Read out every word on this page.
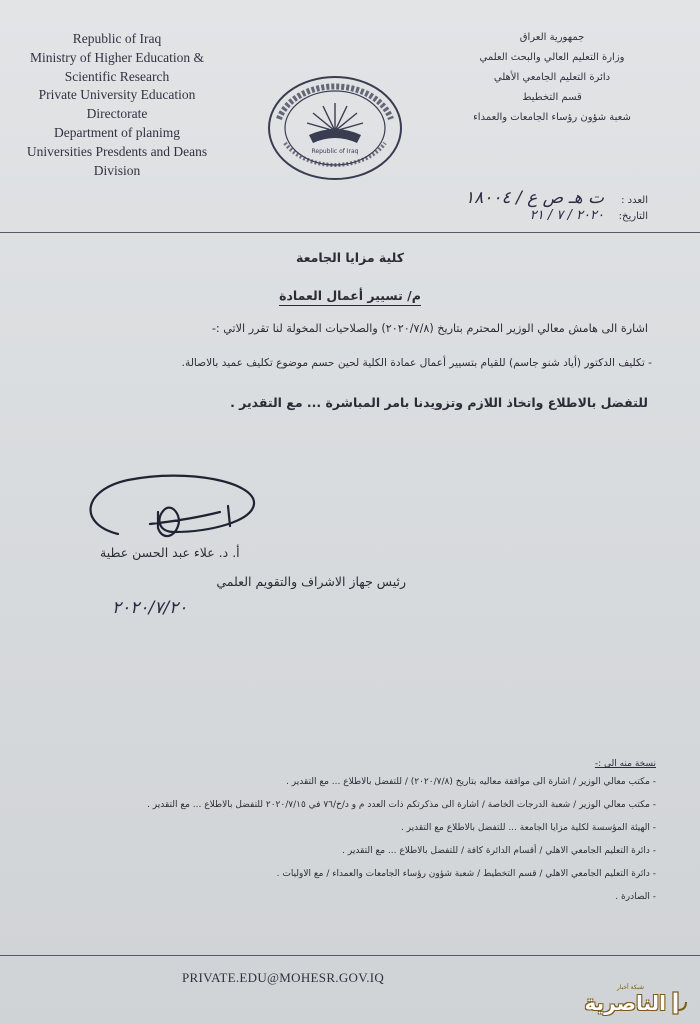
Republic of Iraq
Ministry of Higher Education &
Scientific Research
Private University Education
Directorate
Department of planimg
Universities Presdents and Deans
Division
Republic of Iraq
جمهورية العراق
وزارة التعليم العالي والبحث العلمي
دائرة التعليم الجامعي الأهلي
قسم التخطيط
شعبة شؤون رؤساء الجامعات والعمداء
العدد :
ت هـ ص ع / ١٨٠٠٤
التاريخ:
٢٠٢٠ / ٧ / ٢١
كلية مزايا الجامعة
م/ تسيير أعمال العمادة
اشارة الى هامش معالي الوزير المحترم بتاريخ (٢٠٢٠/٧/٨) والصلاحيات المخولة لنا تقرر الاتي :-
- تكليف الدكتور (أياد شنو جاسم) للقيام بتسيير أعمال عمادة الكلية لحين حسم موضوع تكليف عميد بالاصالة.
للتفضل بالاطلاع واتخاذ اللازم وتزويدنا بامر المباشرة ... مع التقدير .
أ. د. علاء عبد الحسن عطية
رئيس جهاز الاشراف والتقويم العلمي
٢٠٢٠/٧/٢٠
نسخة منه الى :-
- مكتب معالي الوزير / اشارة الى موافقة معاليه بتاريخ (٢٠٢٠/٧/٨) / للتفضل بالاطلاع ... مع التقدير .
- مكتب معالي الوزير / شعبة الدرجات الخاصة / اشارة الى مذكرتكم ذات العدد م و د/خ/٧٦ في ٢٠٢٠/٧/١٥ للتفضل بالاطلاع ... مع التقدير .
- الهيئة المؤسسة لكلية مزايا الجامعة ... للتفضل بالاطلاع مع التقدير .
- دائرة التعليم الجامعي الاهلي / أقسام الدائرة كافة / للتفضل بالاطلاع ... مع التقدير .
- دائرة التعليم الجامعي الاهلي / قسم التخطيط / شعبة شؤون رؤساء الجامعات والعمداء / مع الاوليات .
- الصادرة .
PRIVATE.EDU@MOHESR.GOV.IQ
شبكة أخبار
الناصرية
